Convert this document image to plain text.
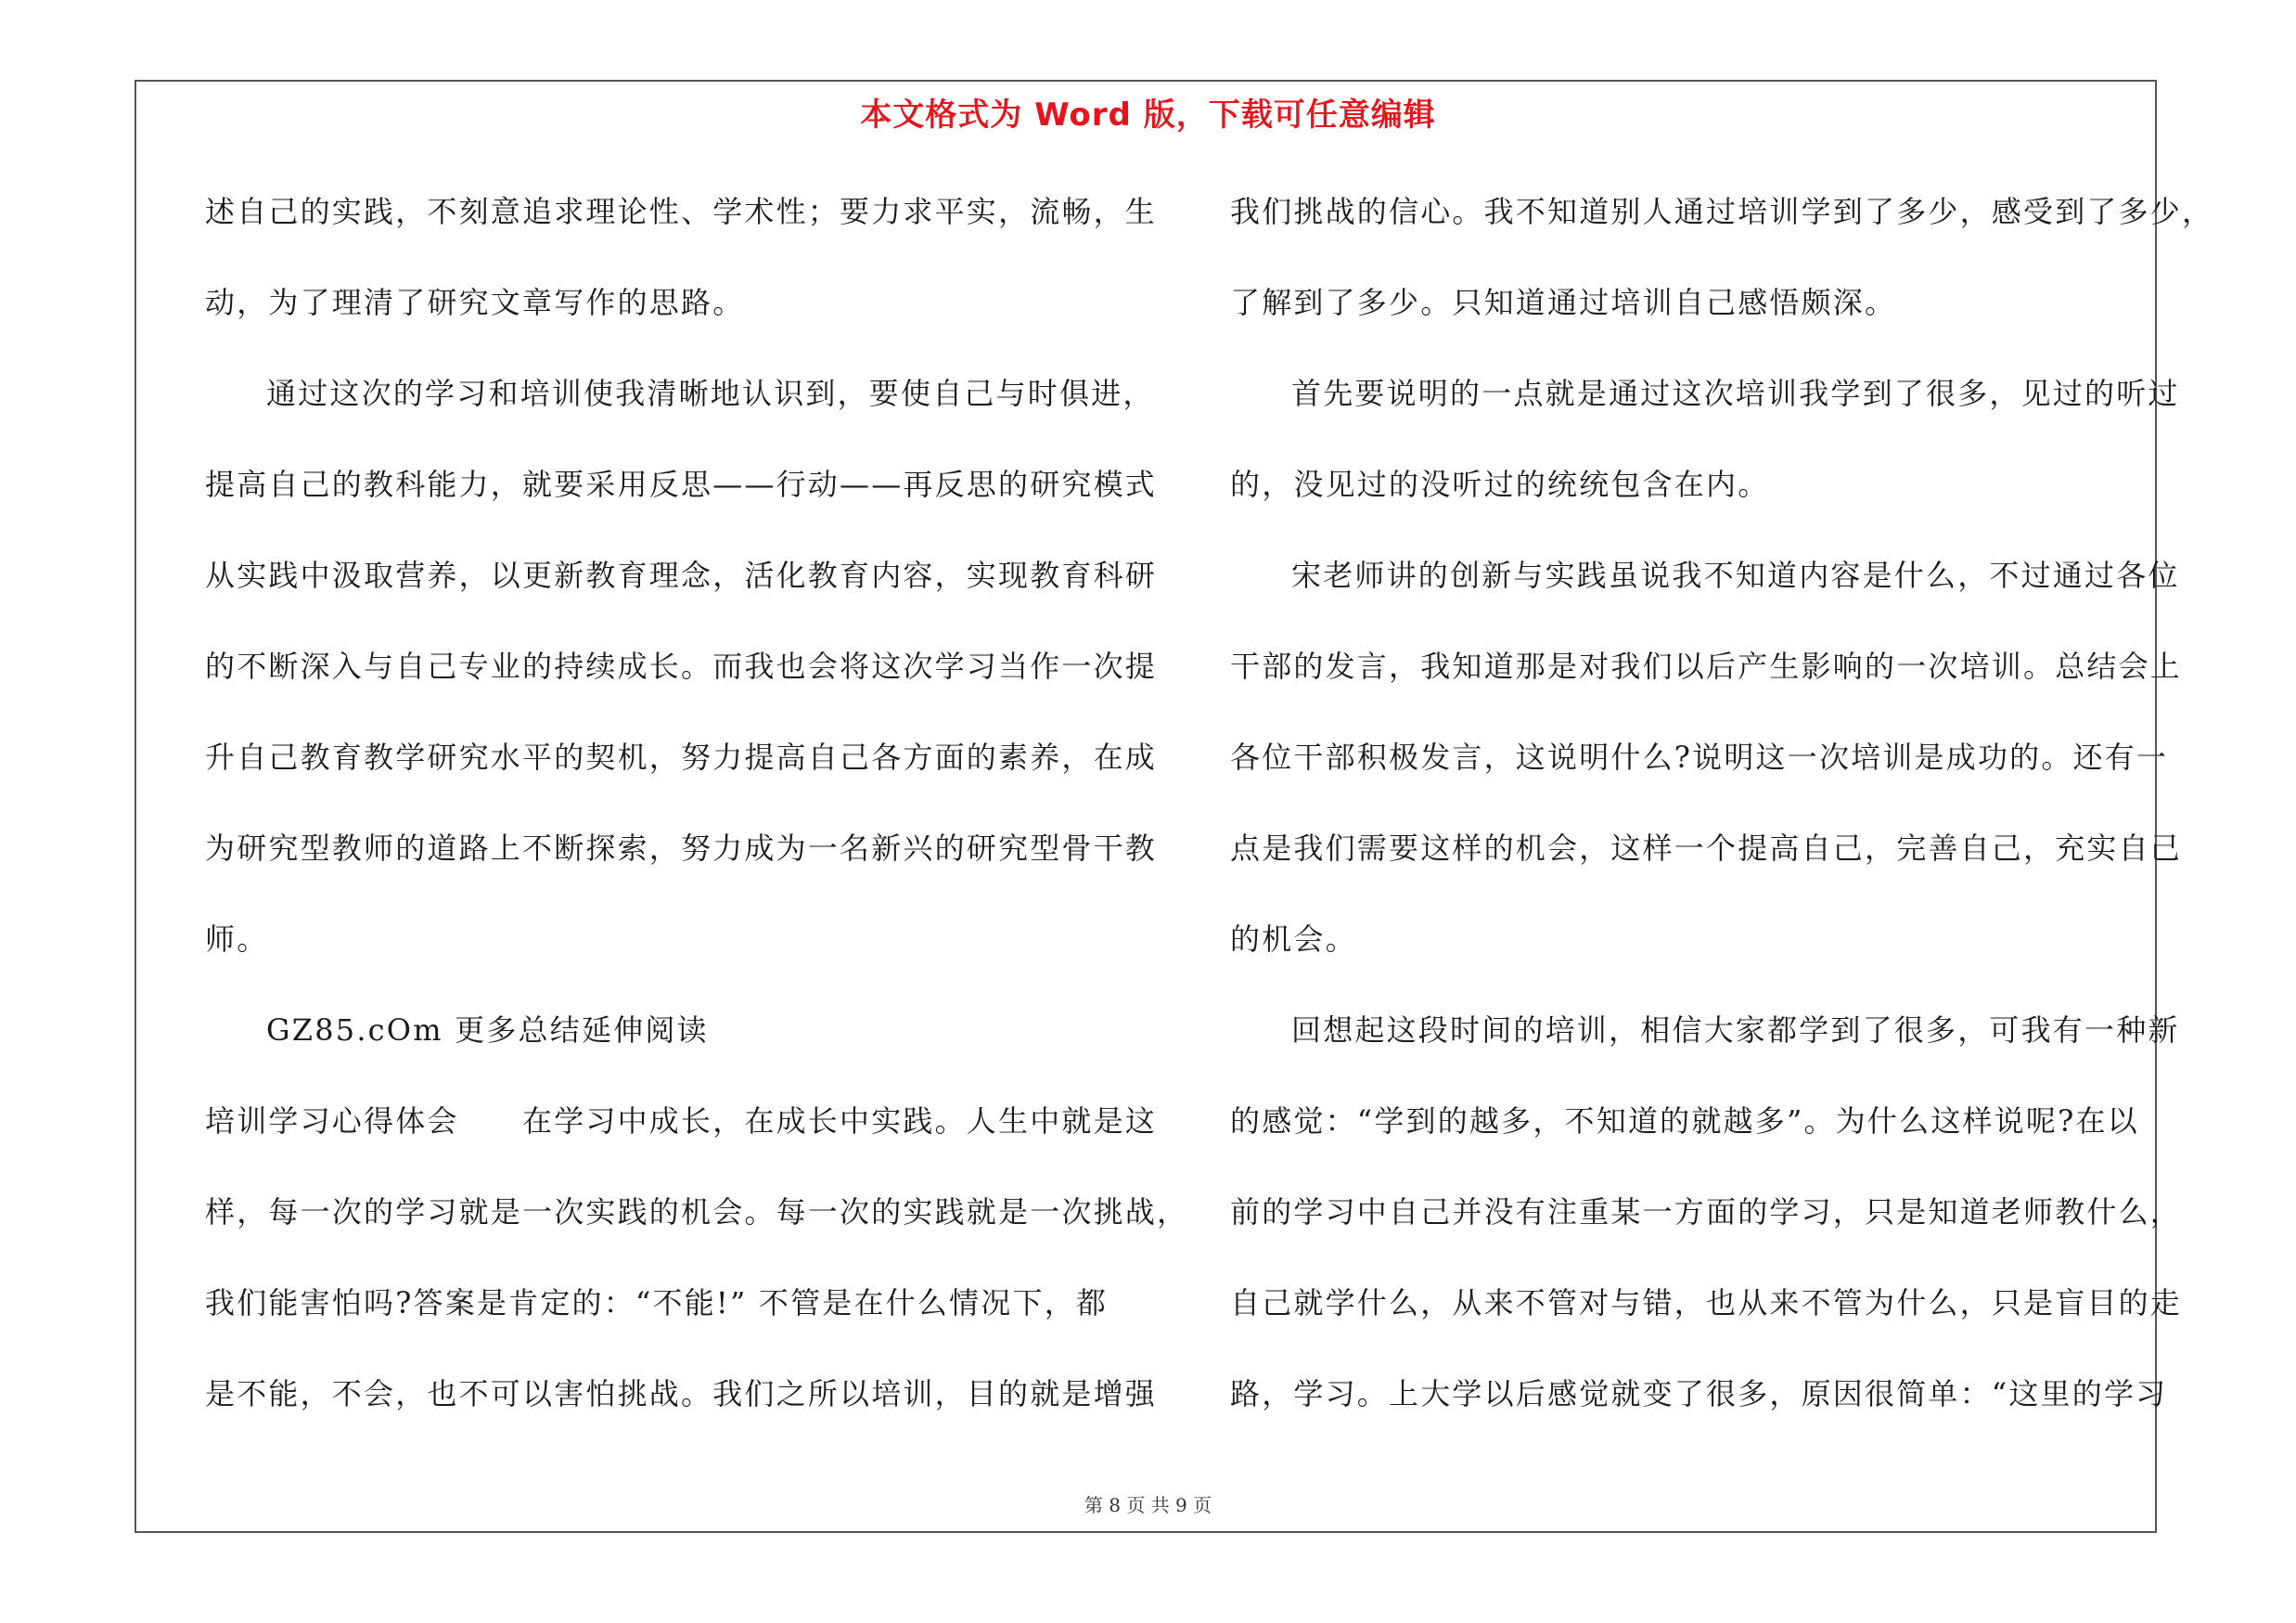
本文格式为 Word 版，下载可任意编辑
述自己的实践，不刻意追求理论性、学术性；要力求平实，流畅，生
动，为了理清了研究文章写作的思路。
通过这次的学习和培训使我清晰地认识到，要使自己与时俱进，
提高自己的教科能力，就要采用反思——行动——再反思的研究模式
从实践中汲取营养，以更新教育理念，活化教育内容，实现教育科研
的不断深入与自己专业的持续成长。而我也会将这次学习当作一次提
升自己教育教学研究水平的契机，努力提高自己各方面的素养，在成
为研究型教师的道路上不断探索，努力成为一名新兴的研究型骨干教
师。
GZ85.cOm 更多总结延伸阅读
培训学习心得体会　　在学习中成长，在成长中实践。人生中就是这
样，每一次的学习就是一次实践的机会。每一次的实践就是一次挑战，
我们能害怕吗?答案是肯定的：“不能!” 不管是在什么情况下，都
是不能，不会，也不可以害怕挑战。我们之所以培训，目的就是增强
我们挑战的信心。我不知道别人通过培训学到了多少，感受到了多少，
了解到了多少。只知道通过培训自己感悟颇深。
首先要说明的一点就是通过这次培训我学到了很多，见过的听过
的，没见过的没听过的统统包含在内。
宋老师讲的创新与实践虽说我不知道内容是什么，不过通过各位
干部的发言，我知道那是对我们以后产生影响的一次培训。总结会上
各位干部积极发言，这说明什么?说明这一次培训是成功的。还有一
点是我们需要这样的机会，这样一个提高自己，完善自己，充实自己
的机会。
回想起这段时间的培训，相信大家都学到了很多，可我有一种新
的感觉：“学到的越多，不知道的就越多”。为什么这样说呢?在以
前的学习中自己并没有注重某一方面的学习，只是知道老师教什么，
自己就学什么，从来不管对与错，也从来不管为什么，只是盲目的走
路，学习。上大学以后感觉就变了很多，原因很简单：“这里的学习
第 8 页 共 9 页
